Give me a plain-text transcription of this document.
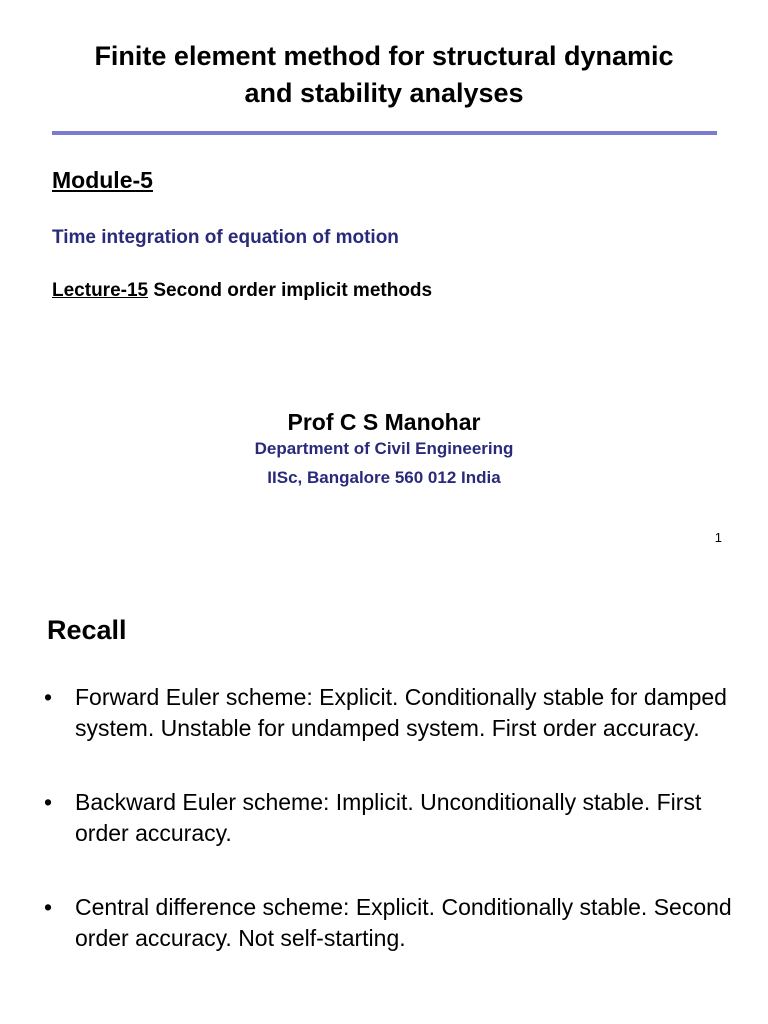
Finite element method for structural dynamic
and stability analyses
Module-5
Time integration of equation of motion
Lecture-15 Second order implicit methods
Prof C S Manohar
Department of Civil Engineering
IISc, Bangalore 560 012 India
1
Recall
• Forward Euler scheme: Explicit. Conditionally stable for damped system. Unstable for undamped system. First order accuracy.
• Backward Euler scheme: Implicit. Unconditionally stable. First order accuracy.
• Central difference scheme: Explicit. Conditionally stable. Second order accuracy. Not self-starting.
